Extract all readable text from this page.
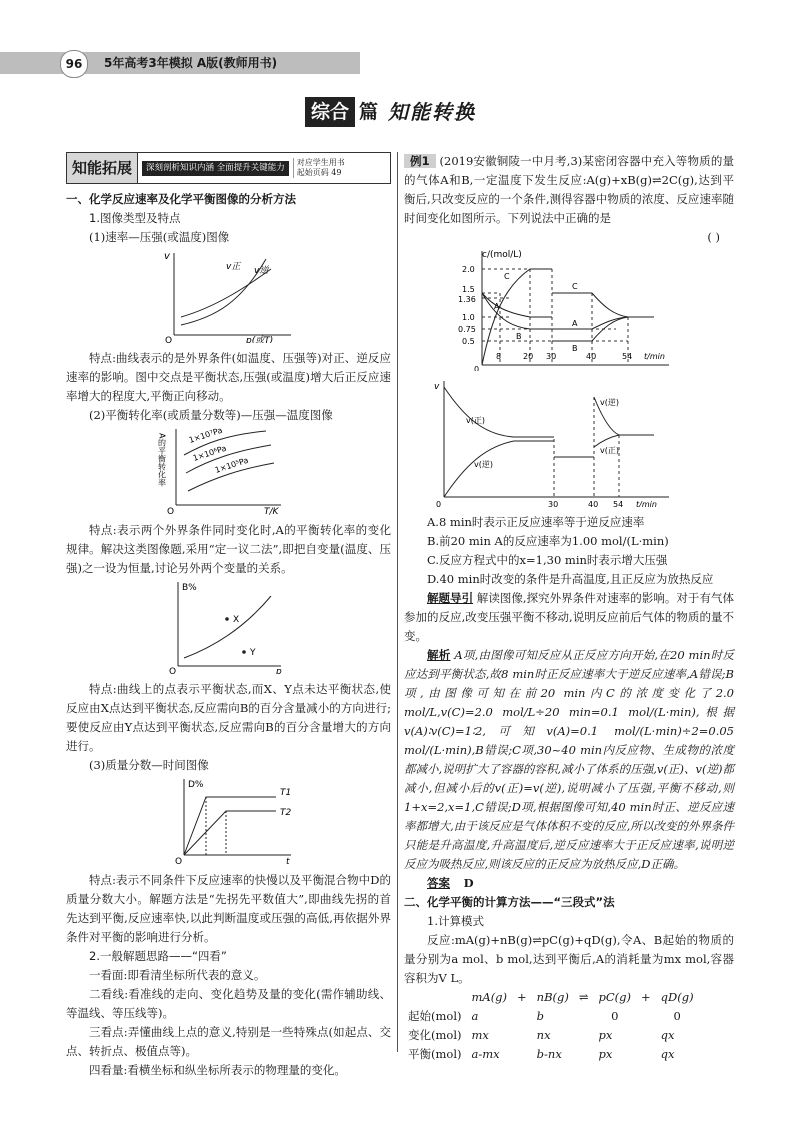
96	5年高考3年模拟 A版(教师用书)
综合 篇 知能转换
知能拓展	深刻剖析知识内涵 全面提升关键能力	对应学生用书
起始页码 49
一、化学反应速率及化学平衡图像的分析方法
1.图像类型及特点
(1)速率—压强(或温度)图像
v
v正 v逆
p(或T)
O
特点:曲线表示的是外界条件(如温度、压强等)对正、逆反应速率的影响。图中交点是平衡状态,压强(或温度)增大后正反应速率增大的程度大,平衡正向移动。
(2)平衡转化率(或质量分数等)—压强—温度图像
1×10⁷Pa
1×10⁶Pa
1×10⁵Pa
A的平衡转化率
T/K
O
特点:表示两个外界条件同时变化时,A的平衡转化率的变化规律。解决这类图像题,采用“定一议二法”,即把自变量(温度、压强)之一设为恒量,讨论另外两个变量的关系。
X
Y
B%
p
O
特点:曲线上的点表示平衡状态,而X、Y点未达平衡状态,使反应由X点达到平衡状态,反应需向B的百分含量减小的方向进行;要使反应由Y点达到平衡状态,反应需向B的百分含量增大的方向进行。
(3)质量分数—时间图像
D%
T1
T2
t
O
特点:表示不同条件下反应速率的快慢以及平衡混合物中D的质量分数大小。解题方法是“先拐先平数值大”,即曲线先拐的首先达到平衡,反应速率快,以此判断温度或压强的高低,再依据外界条件对平衡的影响进行分析。
2.一般解题思路——“四看”
一看面:即看清坐标所代表的意义。
二看线:看准线的走向、变化趋势及量的变化(需作辅助线、等温线、等压线等)。
三看点:弄懂曲线上点的意义,特别是一些特殊点(如起点、交点、转折点、极值点等)。
四看量:看横坐标和纵坐标所表示的物理量的变化。
例1 (2019安徽铜陵一中月考,3)某密闭容器中充入等物质的量的气体A和B,一定温度下发生反应:A(g)+xB(g)⇌2C(g),达到平衡后,只改变反应的一个条件,测得容器中物质的浓度、反应速率随时间变化如图所示。下列说法中正确的是
( )
c/(mol/L)
2.0
1.5
1.36
1.0
0.75
0.5
8	20 30	40	54 t/min
0
A
B
C
C
A
B

v
v(正)
v(逆)
v(逆)
v(正)
30	40 54 t/min
0
A.8 min时表示正反应速率等于逆反应速率
B.前20 min A的反应速率为1.00 mol/(L·min)
C.反应方程式中的x=1,30 min时表示增大压强
D.40 min时改变的条件是升高温度,且正反应为放热反应
解题导引 解读图像,探究外界条件对速率的影响。对于有气体参加的反应,改变压强平衡不移动,说明反应前后气体的物质的量不变。
解析 A项,由图像可知反应从正反应方向开始,在20 min时反应达到平衡状态,故8 min时正反应速率大于逆反应速率,A错误;B项,由图像可知在前20 min内C的浓度变化了2.0 mol/L,v(C)=2.0 mol/L÷20 min=0.1 mol/(L·min),根据v(A)∶v(C)=1∶2,可知v(A)=0.1 mol/(L·min)÷2=0.05 mol/(L·min),B错误;C项,30~40 min内反应物、生成物的浓度都减小,说明扩大了容器的容积,减小了体系的压强,v(正)、v(逆)都减小,但减小后的v(正)=v(逆),说明减小了压强,平衡不移动,则1+x=2,x=1,C错误;D项,根据图像可知,40 min时正、逆反应速率都增大,由于该反应是气体体积不变的反应,所以改变的外界条件只能是升高温度,升高温度后,逆反应速率大于正反应速率,说明逆反应为吸热反应,则该反应的正反应为放热反应,D正确。
答案 D
二、化学平衡的计算方法——“三段式”法
1.计算模式
反应:mA(g)+nB(g)⇌pC(g)+qD(g),令A、B起始的物质的量分别为a mol、b mol,达到平衡后,A的消耗量为mx mol,容器容积为V L。
	mA(g)	+	nB(g)	⇌	pC(g)	+	qD(g)
起始(mol)	a		b		0		0
变化(mol)	mx		nx		px		qx
平衡(mol)	a-mx		b-nx		px		qx
